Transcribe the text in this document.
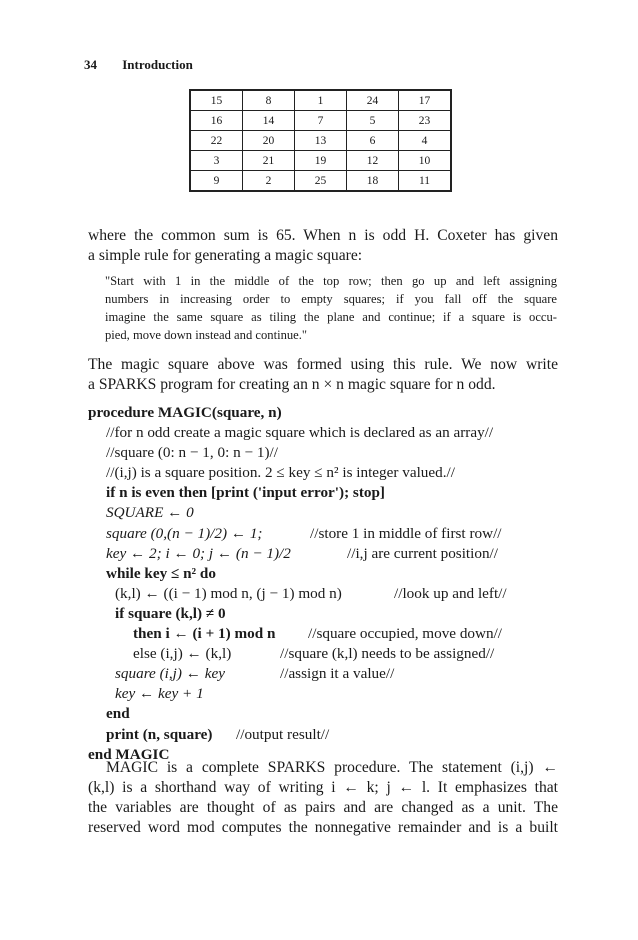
34 Introduction
15	8	1	24	17
16	14	7	5	23
22	20	13	6	4
3	21	19	12	10
9	2	25	18	11
where the common sum is 65. When n is odd H. Coxeter has given
a simple rule for generating a magic square:
"Start with 1 in the middle of the top row; then go up and left assigning
numbers in increasing order to empty squares; if you fall off the square
imagine the same square as tiling the plane and continue; if a square is occu-
pied, move down instead and continue."
The magic square above was formed using this rule. We now write
a SPARKS program for creating an n × n magic square for n odd.
procedure MAGIC(square, n)
//for n odd create a magic square which is declared as an array//
//square (0: n − 1, 0: n − 1)//
//(i,j) is a square position. 2 ≤ key ≤ n² is integer valued.//
if n is even then [print ('input error'); stop]
SQUARE ← 0
square (0,(n − 1)/2) ← 1;	//store 1 in middle of first row//
key ← 2; i ← 0; j ← (n − 1)/2	//i,j are current position//
while key ≤ n² do
(k,l) ← ((i − 1) mod n, (j − 1) mod n)	//look up and left//
if square (k,l) ≠ 0
then i ← (i + 1) mod n //square occupied, move down//
else (i,j) ← (k,l)	//square (k,l) needs to be assigned//
square (i,j) ← key	//assign it a value//
key ← key + 1
end
print (n, square) //output result//
end MAGIC
MAGIC is a complete SPARKS procedure. The statement (i,j) ←
(k,l) is a shorthand way of writing i ← k; j ← l. It emphasizes that
the variables are thought of as pairs and are changed as a unit. The
reserved word mod computes the nonnegative remainder and is a built
